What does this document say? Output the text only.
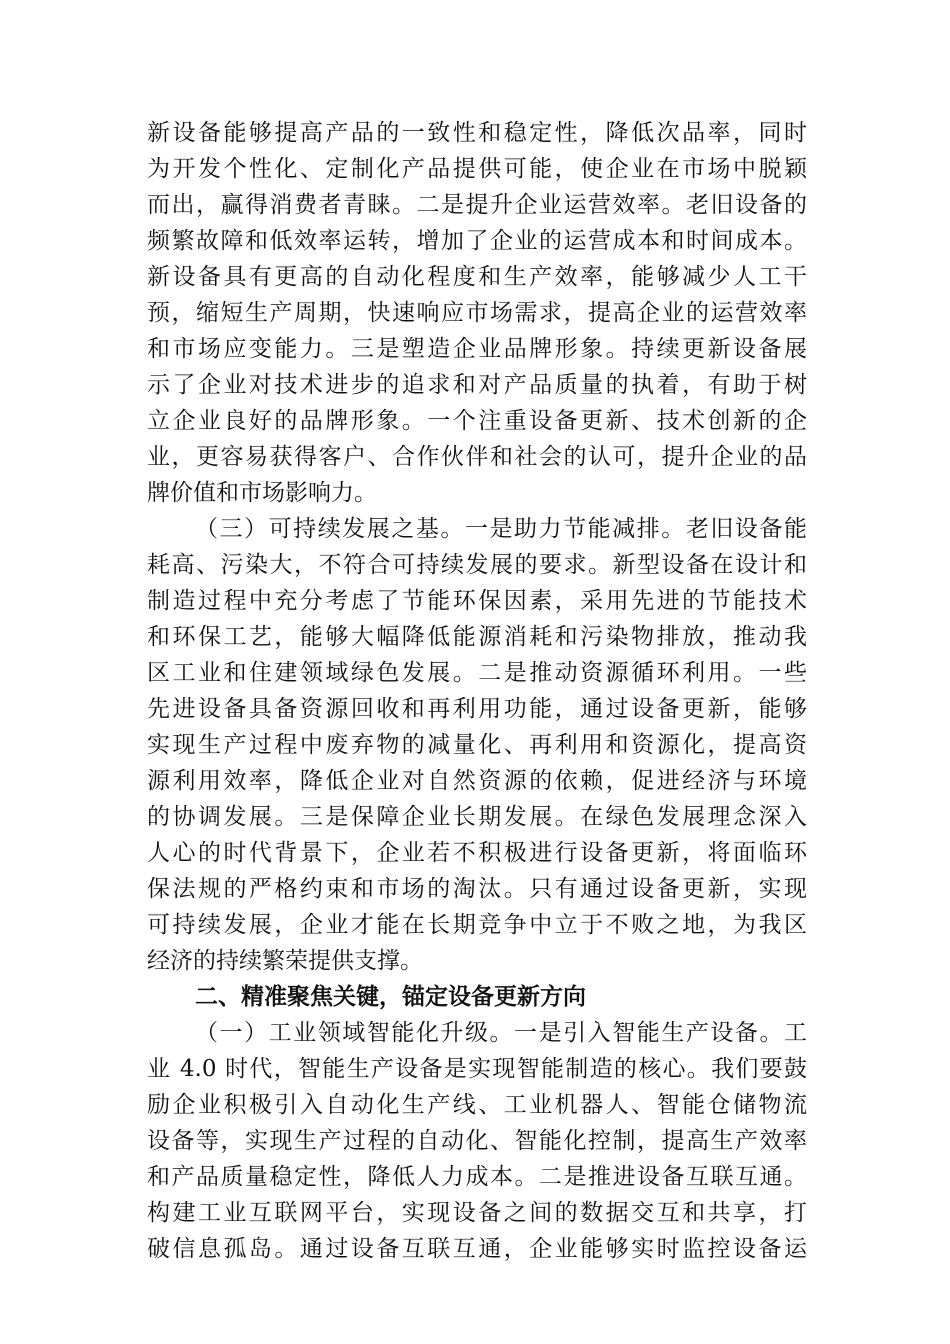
新设备能够提高产品的一致性和稳定性，降低次品率，同时
为开发个性化、定制化产品提供可能，使企业在市场中脱颖
而出，赢得消费者青睐。二是提升企业运营效率。老旧设备的
频繁故障和低效率运转，增加了企业的运营成本和时间成本。
新设备具有更高的自动化程度和生产效率，能够减少人工干
预，缩短生产周期，快速响应市场需求，提高企业的运营效率
和市场应变能力。三是塑造企业品牌形象。持续更新设备展
示了企业对技术进步的追求和对产品质量的执着，有助于树
立企业良好的品牌形象。一个注重设备更新、技术创新的企
业，更容易获得客户、合作伙伴和社会的认可，提升企业的品
牌价值和市场影响力。
（三）可持续发展之基。一是助力节能减排。老旧设备能
耗高、污染大，不符合可持续发展的要求。新型设备在设计和
制造过程中充分考虑了节能环保因素，采用先进的节能技术
和环保工艺，能够大幅降低能源消耗和污染物排放，推动我
区工业和住建领域绿色发展。二是推动资源循环利用。一些
先进设备具备资源回收和再利用功能，通过设备更新，能够
实现生产过程中废弃物的减量化、再利用和资源化，提高资
源利用效率，降低企业对自然资源的依赖，促进经济与环境
的协调发展。三是保障企业长期发展。在绿色发展理念深入
人心的时代背景下，企业若不积极进行设备更新，将面临环
保法规的严格约束和市场的淘汰。只有通过设备更新，实现
可持续发展，企业才能在长期竞争中立于不败之地，为我区
经济的持续繁荣提供支撑。
二、精准聚焦关键，锚定设备更新方向
（一）工业领域智能化升级。一是引入智能生产设备。工
业 4.0 时代，智能生产设备是实现智能制造的核心。我们要鼓
励企业积极引入自动化生产线、工业机器人、智能仓储物流
设备等，实现生产过程的自动化、智能化控制，提高生产效率
和产品质量稳定性，降低人力成本。二是推进设备互联互通。
构建工业互联网平台，实现设备之间的数据交互和共享，打
破信息孤岛。通过设备互联互通，企业能够实时监控设备运
